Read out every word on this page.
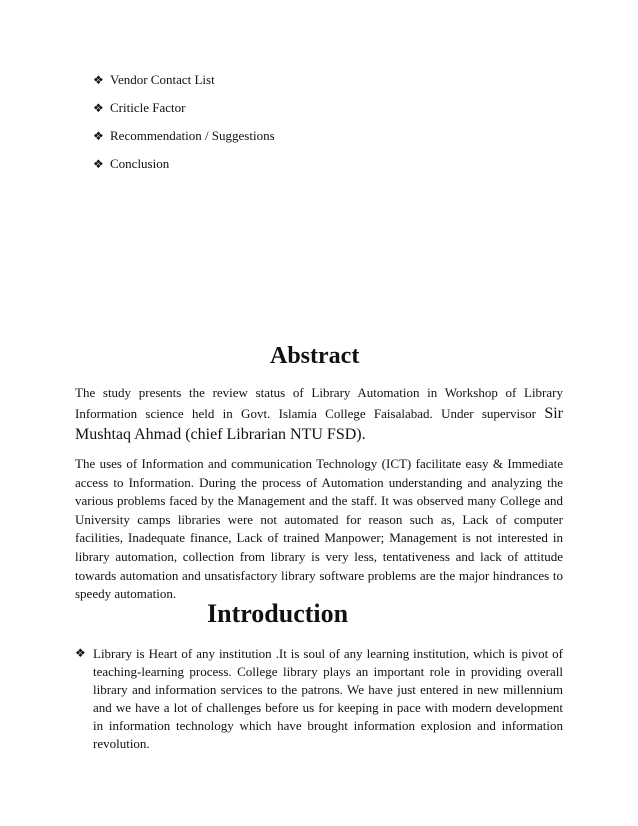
❖ Vendor Contact List
❖ Criticle Factor
❖ Recommendation / Suggestions
❖ Conclusion
Abstract

The study presents the review status of Library Automation in Workshop of Library Information science held in Govt. Islamia College Faisalabad. Under supervisor Sir Mushtaq Ahmad (chief Librarian NTU FSD).

The uses of Information and communication Technology (ICT) facilitate easy & Immediate access to Information. During the process of Automation understanding and analyzing the various problems faced by the Management and the staff. It was observed many College and University camps libraries were not automated for reason such as, Lack of computer facilities, Inadequate finance, Lack of trained Manpower; Management is not interested in library automation, collection from library is very less, tentativeness and lack of attitude towards automation and unsatisfactory library software problems are the major hindrances to speedy automation.

Introduction
❖ Library is Heart of any institution .It is soul of any learning institution, which is pivot of teaching-learning process. College library plays an important role in providing overall library and information services to the patrons. We have just entered in new millennium and we have a lot of challenges before us for keeping in pace with modern development in information technology which have brought information explosion and information revolution.
